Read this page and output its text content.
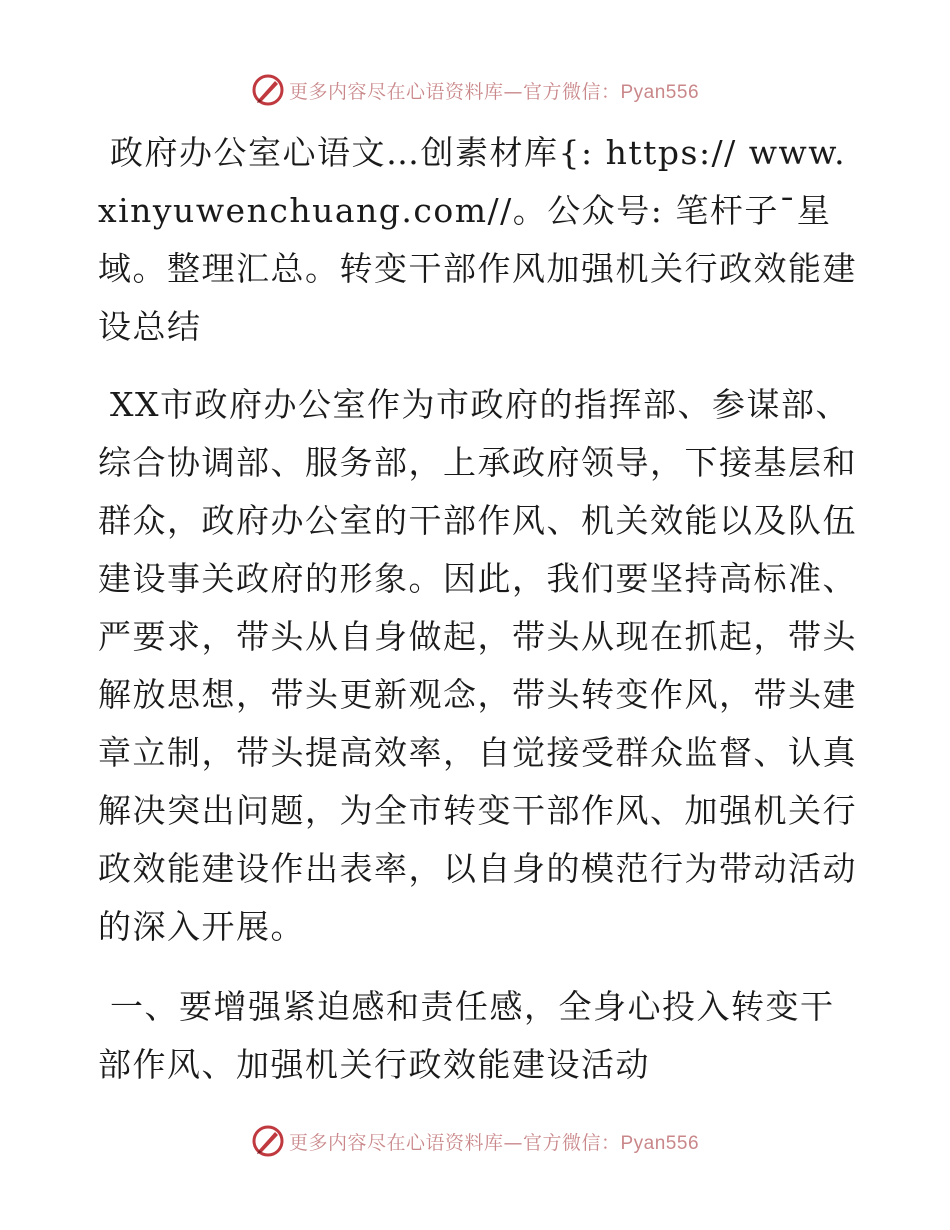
更多内容尽在心语资料库—官方微信：Pyan556

政府办公室心语文…创素材库{: https:// www.xinyuwenchuang.com//。公众号: 笔杆子¯星域。整理汇总。转变干部作风加强机关行政效能建设总结

XX市政府办公室作为市政府的指挥部、参谋部、综合协调部、服务部，上承政府领导，下接基层和群众，政府办公室的干部作风、机关效能以及队伍建设事关政府的形象。因此，我们要坚持高标准、严要求，带头从自身做起，带头从现在抓起，带头解放思想，带头更新观念，带头转变作风，带头建章立制，带头提高效率，自觉接受群众监督、认真解决突出问题，为全市转变干部作风、加强机关行政效能建设作出表率，以自身的模范行为带动活动的深入开展。

一、要增强紧迫感和责任感，全身心投入转变干部作风、加强机关行政效能建设活动

更多内容尽在心语资料库—官方微信：Pyan556
